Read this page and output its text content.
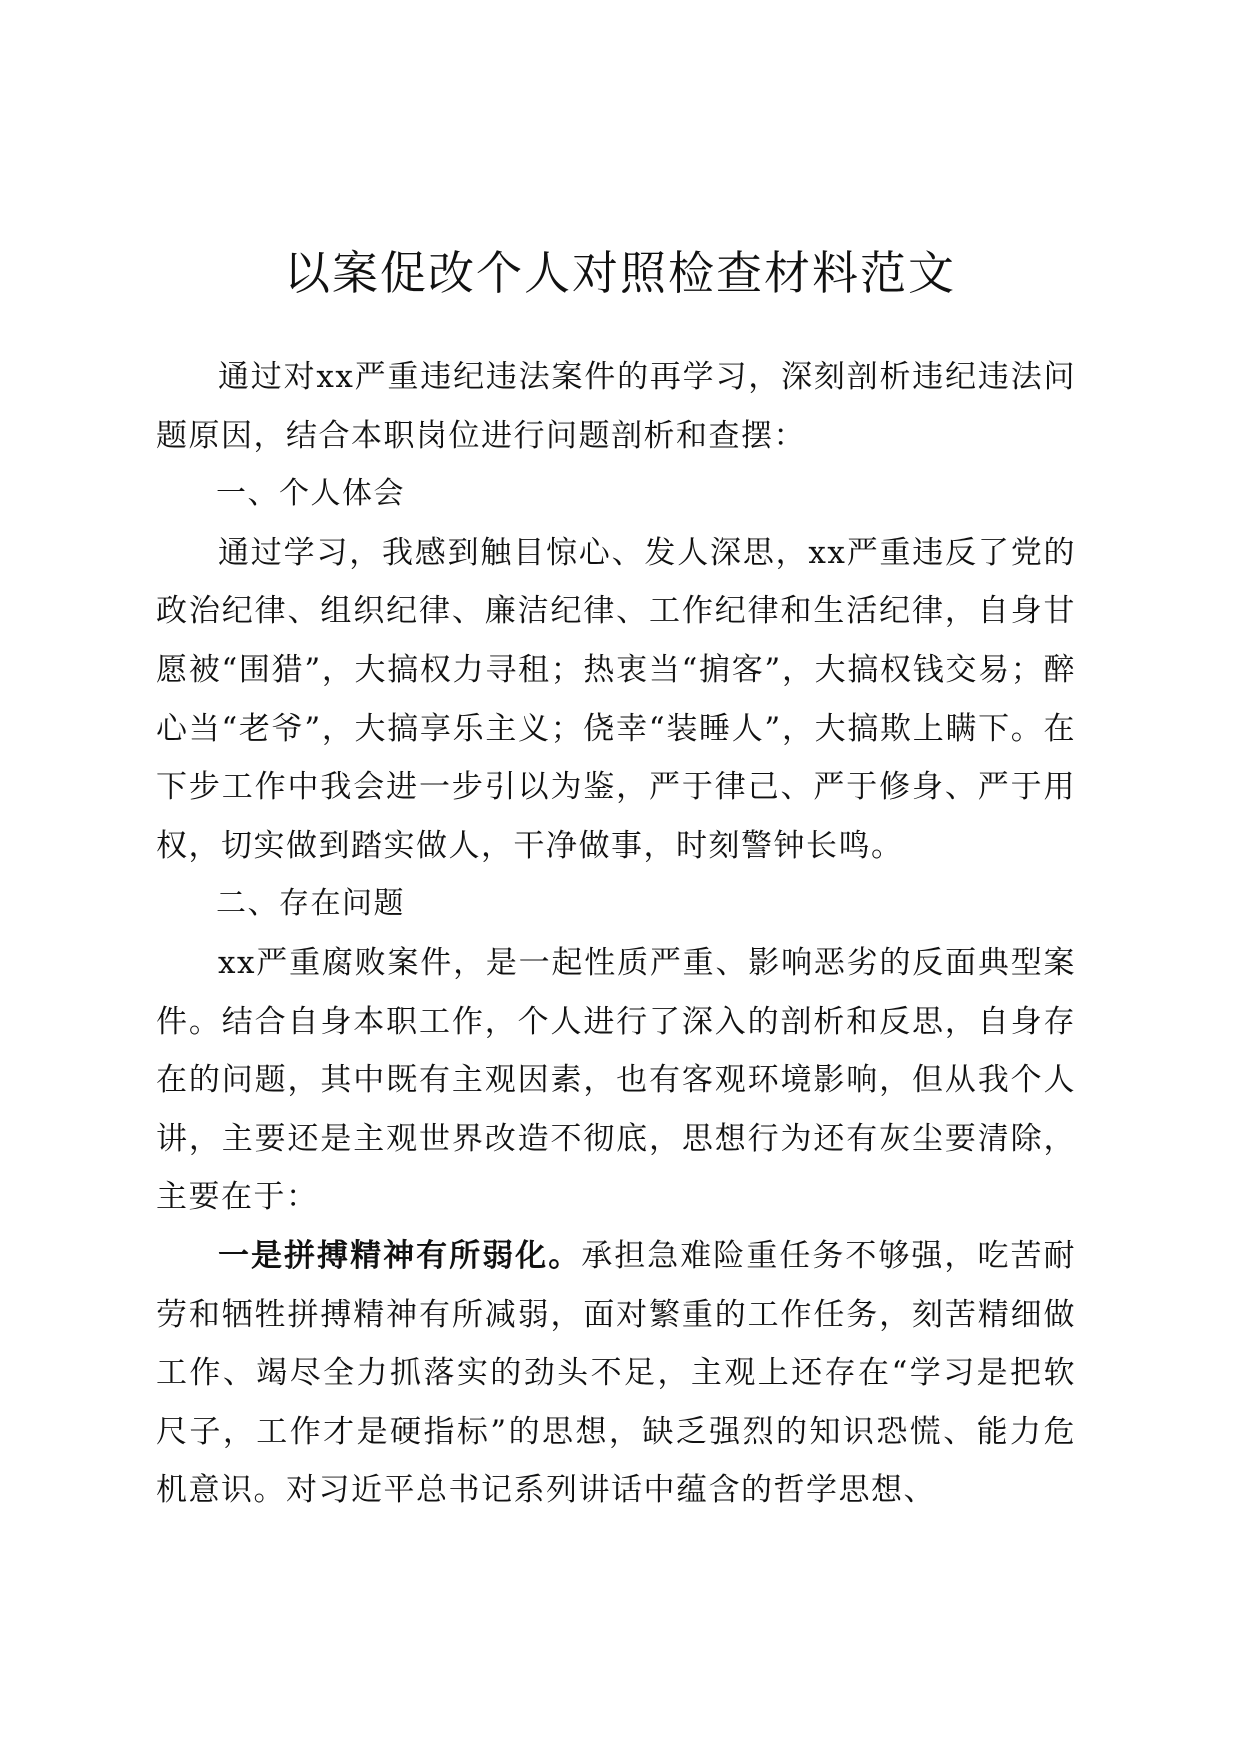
以案促改个人对照检查材料范文

通过对xx严重违纪违法案件的再学习，深刻剖析违纪违法问题原因，结合本职岗位进行问题剖析和查摆：

一、个人体会

通过学习，我感到触目惊心、发人深思，xx严重违反了党的政治纪律、组织纪律、廉洁纪律、工作纪律和生活纪律，自身甘愿被“围猎”，大搞权力寻租；热衷当“掮客”，大搞权钱交易；醉心当“老爷”，大搞享乐主义；侥幸“装睡人”，大搞欺上瞒下。在下步工作中我会进一步引以为鉴，严于律己、严于修身、严于用权，切实做到踏实做人，干净做事，时刻警钟长鸣。

二、存在问题

xx严重腐败案件，是一起性质严重、影响恶劣的反面典型案件。结合自身本职工作，个人进行了深入的剖析和反思，自身存在的问题，其中既有主观因素，也有客观环境影响，但从我个人讲，主要还是主观世界改造不彻底，思想行为还有灰尘要清除，主要在于：

一是拼搏精神有所弱化。承担急难险重任务不够强，吃苦耐劳和牺牲拼搏精神有所减弱，面对繁重的工作任务，刻苦精细做工作、竭尽全力抓落实的劲头不足，主观上还存在“学习是把软尺子，工作才是硬指标”的思想，缺乏强烈的知识恐慌、能力危机意识。对习近平总书记系列讲话中蕴含的哲学思想、
